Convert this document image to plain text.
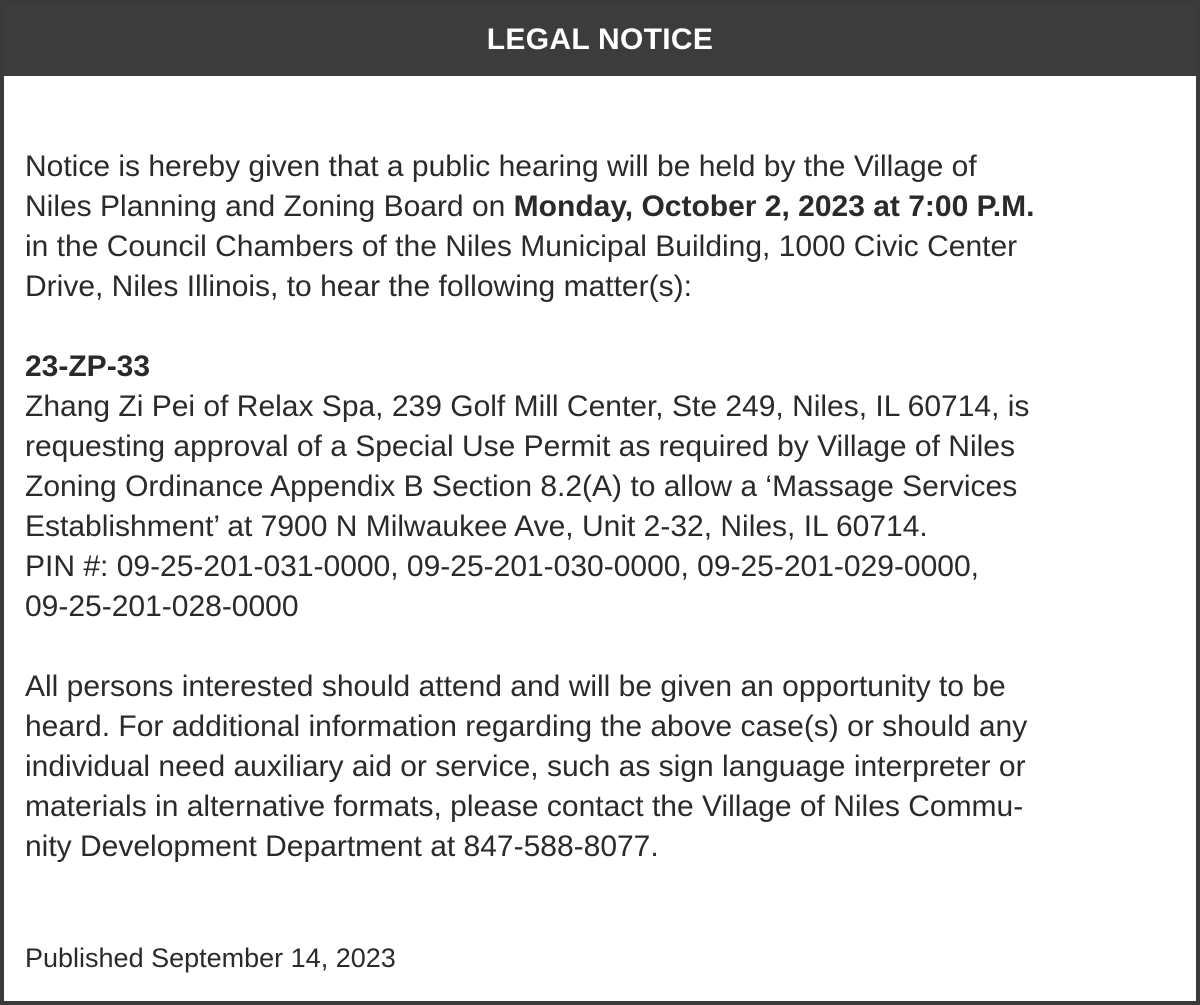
LEGAL NOTICE

Notice is hereby given that a public hearing will be held by the Village of
Niles Planning and Zoning Board on Monday, October 2, 2023 at 7:00 P.M.
in the Council Chambers of the Niles Municipal Building, 1000 Civic Center
Drive, Niles Illinois, to hear the following matter(s):

23-ZP-33
Zhang Zi Pei of Relax Spa, 239 Golf Mill Center, Ste 249, Niles, IL 60714, is
requesting approval of a Special Use Permit as required by Village of Niles
Zoning Ordinance Appendix B Section 8.2(A) to allow a ‘Massage Services
Establishment’ at 7900 N Milwaukee Ave, Unit 2-32, Niles, IL 60714.
PIN #: 09-25-201-031-0000, 09-25-201-030-0000, 09-25-201-029-0000,
09-25-201-028-0000

All persons interested should attend and will be given an opportunity to be
heard. For additional information regarding the above case(s) or should any
individual need auxiliary aid or service, such as sign language interpreter or
materials in alternative formats, please contact the Village of Niles Commu-
nity Development Department at 847-588-8077.

Published September 14, 2023
